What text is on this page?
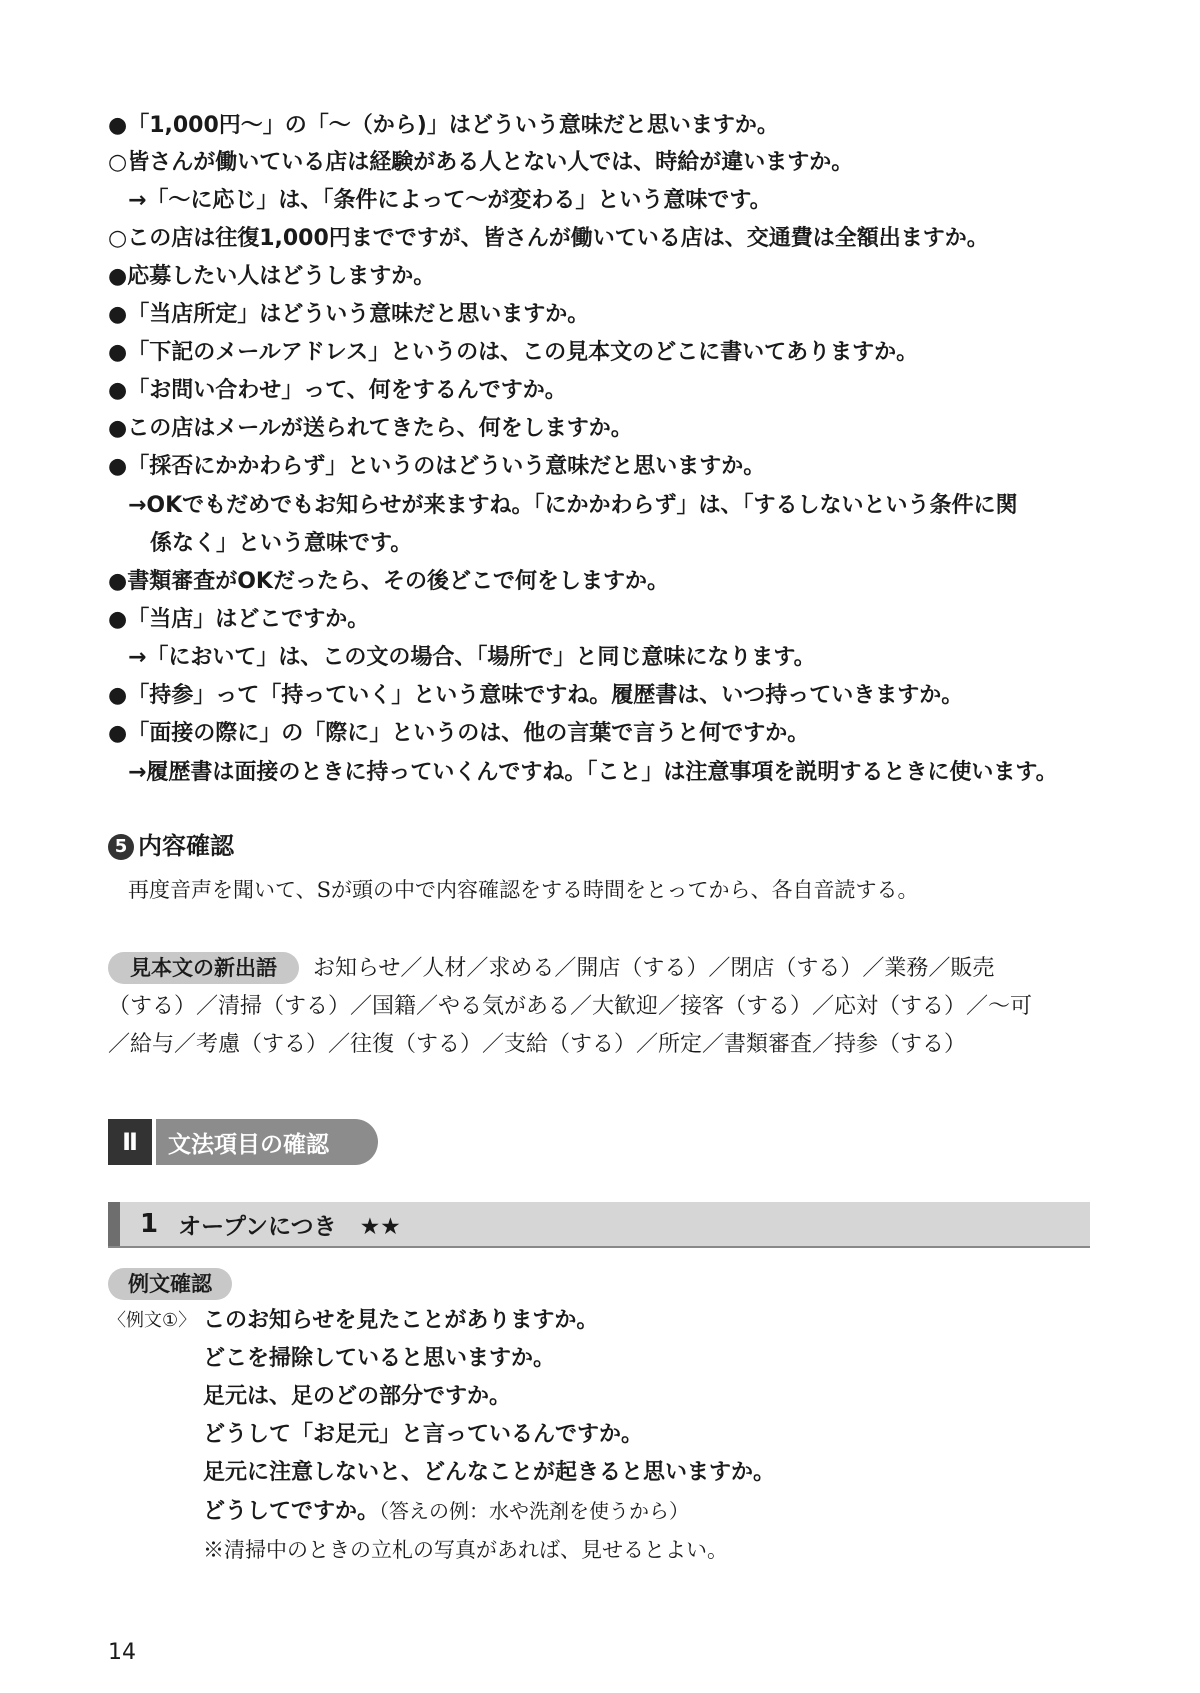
●「1,000円〜」の「〜（から)」はどういう意味だと思いますか。
○皆さんが働いている店は経験がある人とない人では、時給が違いますか。
→「〜に応じ」は、「条件によって〜が変わる」という意味です。
○この店は往復1,000円までですが、皆さんが働いている店は、交通費は全額出ますか。
●応募したい人はどうしますか。
●「当店所定」はどういう意味だと思いますか。
●「下記のメールアドレス」というのは、この見本文のどこに書いてありますか。
●「お問い合わせ」って、何をするんですか。
●この店はメールが送られてきたら、何をしますか。
●「採否にかかわらず」というのはどういう意味だと思いますか。
→OKでもだめでもお知らせが来ますね。「にかかわらず」は、「するしないという条件に関
係なく」という意味です。
●書類審査がOKだったら、その後どこで何をしますか。
●「当店」はどこですか。
→「において」は、この文の場合、「場所で」と同じ意味になります。
●「持参」って「持っていく」という意味ですね。履歴書は、いつ持っていきますか。
●「面接の際に」の「際に」というのは、他の言葉で言うと何ですか。
→履歴書は面接のときに持っていくんですね。「こと」は注意事項を説明するときに使います。
5 内容確認
再度音声を聞いて、Sが頭の中で内容確認をする時間をとってから、各自音読する。
見本文の新出語 お知らせ／人材／求める／開店（する）／閉店（する）／業務／販売
（する）／清掃（する）／国籍／やる気がある／大歓迎／接客（する）／応対（する）／〜可
／給与／考慮（する）／往復（する）／支給（する）／所定／書類審査／持参（する）
Ⅱ	文法項目の確認
1 オープンにつき　★★
例文確認
〈例文①〉 このお知らせを見たことがありますか。
どこを掃除していると思いますか。
足元は、足のどの部分ですか。
どうして「お足元」と言っているんですか。
足元に注意しないと、どんなことが起きると思いますか。
どうしてですか。（答えの例：水や洗剤を使うから）
※清掃中のときの立札の写真があれば、見せるとよい。
14
